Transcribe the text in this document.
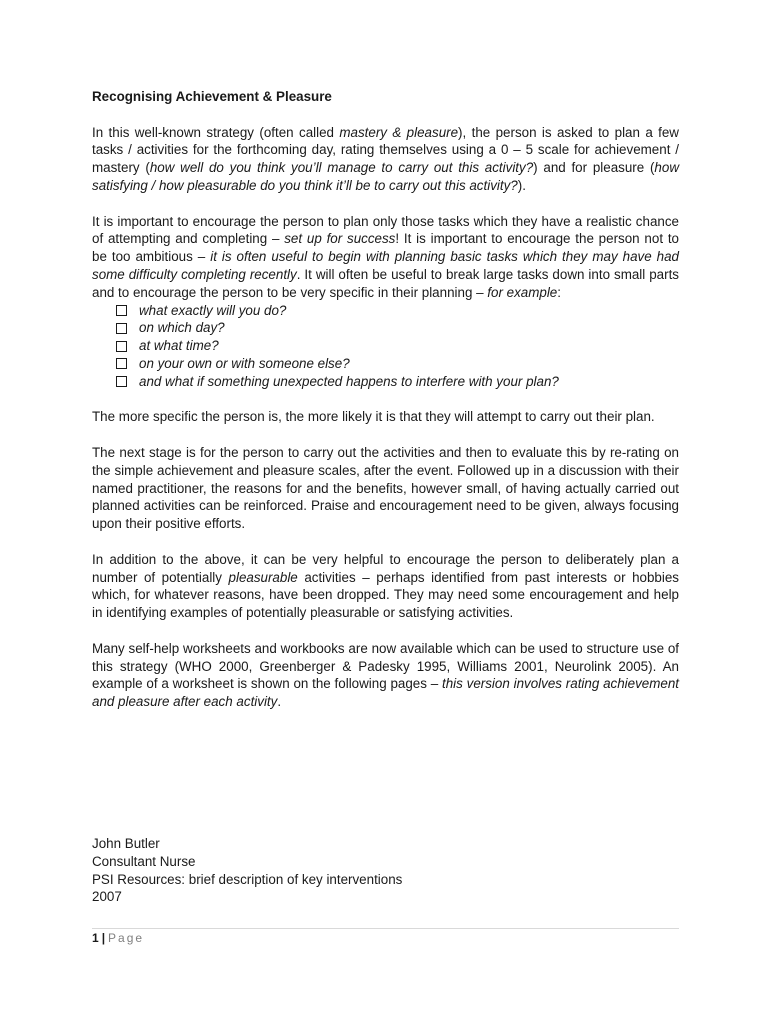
Recognising Achievement & Pleasure

In this well-known strategy (often called mastery & pleasure), the person is asked to plan a few tasks / activities for the forthcoming day, rating themselves using a 0 – 5 scale for achievement / mastery (how well do you think you’ll manage to carry out this activity?) and for pleasure (how satisfying / how pleasurable do you think it’ll be to carry out this activity?).

It is important to encourage the person to plan only those tasks which they have a realistic chance of attempting and completing – set up for success! It is important to encourage the person not to be too ambitious – it is often useful to begin with planning basic tasks which they may have had some difficulty completing recently. It will often be useful to break large tasks down into small parts and to encourage the person to be very specific in their planning – for example:

what exactly will you do?
on which day?
at what time?
on your own or with someone else?
and what if something unexpected happens to interfere with your plan?

The more specific the person is, the more likely it is that they will attempt to carry out their plan.

The next stage is for the person to carry out the activities and then to evaluate this by re-rating on the simple achievement and pleasure scales, after the event. Followed up in a discussion with their named practitioner, the reasons for and the benefits, however small, of having actually carried out planned activities can be reinforced. Praise and encouragement need to be given, always focusing upon their positive efforts.

In addition to the above, it can be very helpful to encourage the person to deliberately plan a number of potentially pleasurable activities – perhaps identified from past interests or hobbies which, for whatever reasons, have been dropped. They may need some encouragement and help in identifying examples of potentially pleasurable or satisfying activities.

Many self-help worksheets and workbooks are now available which can be used to structure use of this strategy (WHO 2000, Greenberger & Padesky 1995, Williams 2001, Neurolink 2005). An example of a worksheet is shown on the following pages – this version involves rating achievement and pleasure after each activity.

John Butler
Consultant Nurse
PSI Resources: brief description of key interventions
2007
1 | Page
